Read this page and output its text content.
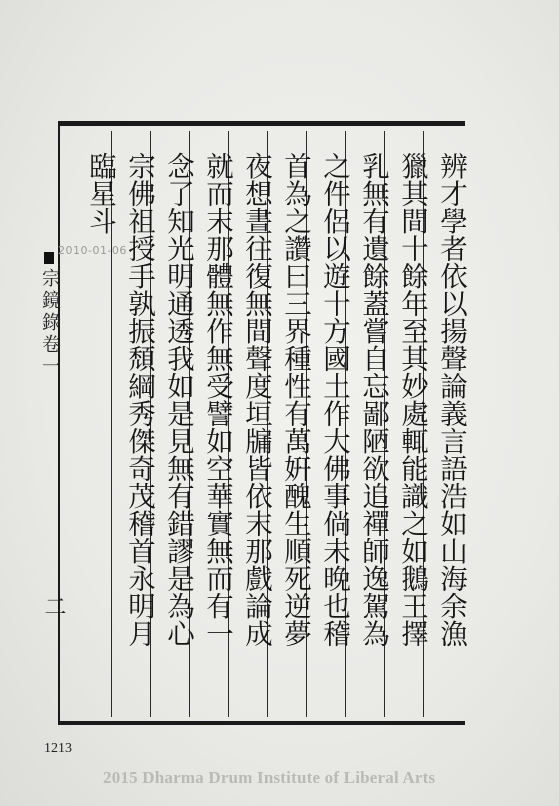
辨才學者依以揚聲論義言語浩如山海余漁
獵其間十餘年至其妙處輒能識之如鵝王擇
乳無有遺餘蓋嘗自忘鄙陋欲追禪師逸駕為
之件侶以遊十方國土作大佛事倘未晚也稽
首為之讚曰三界種性有萬姸醜生順死逆夢
夜想晝往復無間聲度垣牖皆依末那戲論成
就而末那體無作無受譬如空華實無而有一
念了知光明通透我如是見無有錯謬是為心
宗佛祖授手孰振頹綱秀傑奇茂稽首永明月
臨星斗
宗鏡錄卷一
二
2010-01-06
1213
2015 Dharma Drum Institute of Liberal Arts
